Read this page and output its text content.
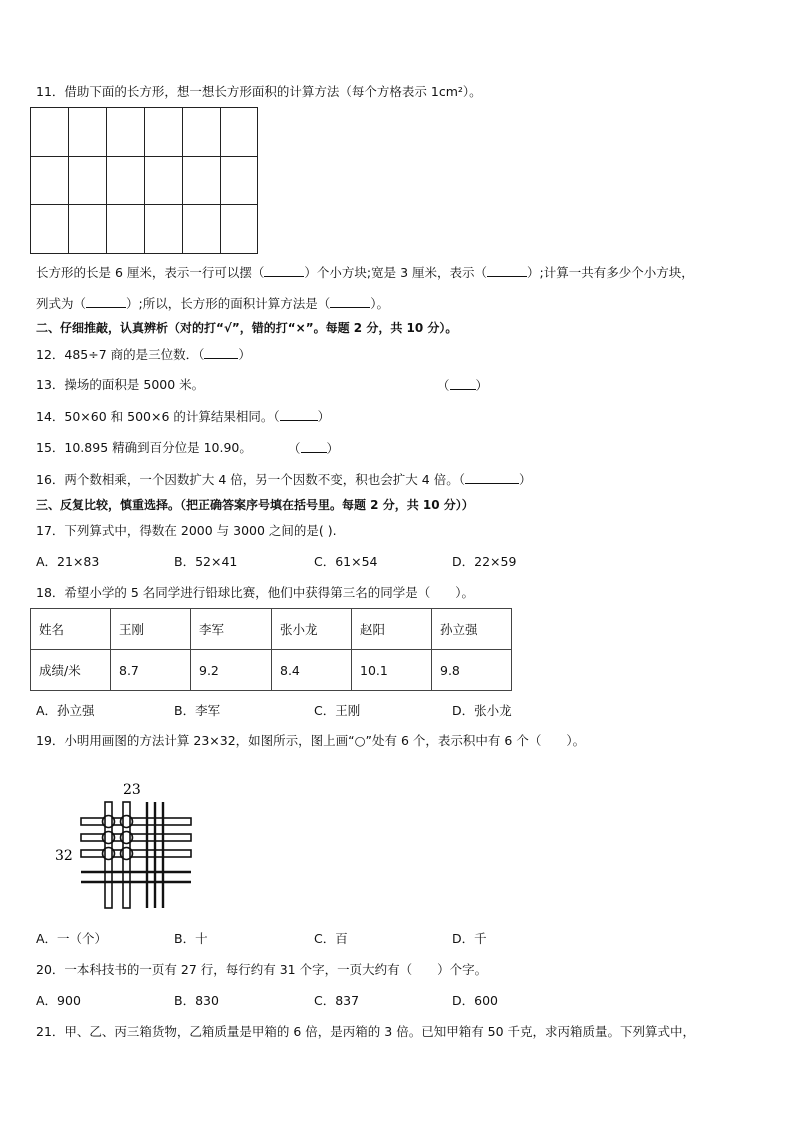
11．借助下面的长方形，想一想长方形面积的计算方法（每个方格表示 1cm²）。
长方形的长是 6 厘米，表示一行可以摆（	）个小方块;宽是 3 厘米，表示（	）;计算一共有多少个小方块，
列式为（	）;所以，长方形的面积计算方法是（	）。
二、仔细推敲，认真辨析（对的打“√”，错的打“×”。每题 2 分，共 10 分）。
12．485÷7 商的是三位数．（	）
13．操场的面积是 5000 米。	（ ）
14．50×60 和 500×6 的计算结果相同。（	）
15．10.895 精确到百分位是 10.90。	（ ）
16．两个数相乘，一个因数扩大 4 倍，另一个因数不变，积也会扩大 4 倍。（	）
三、反复比较，慎重选择。（把正确答案序号填在括号里。每题 2 分，共 10 分））
17．下列算式中，得数在 2000 与 3000 之间的是( ).
A．21×83	B．52×41	C．61×54	D．22×59
18．希望小学的 5 名同学进行铅球比赛，他们中获得第三名的同学是（　　）。
姓名	王刚	李军	张小龙	赵阳	孙立强
成绩/米	8.7	9.2	8.4	10.1	9.8
A．孙立强	B．李军	C．王刚	D．张小龙
19．小明用画图的方法计算 23×32，如图所示，图上画“○”处有 6 个，表示积中有 6 个（　　）。
23
32
A．一（个）	B．十	C．百	D．千
20．一本科技书的一页有 27 行，每行约有 31 个字，一页大约有（　　）个字。
A．900	B．830	C．837	D．600
21．甲、乙、丙三箱货物，乙箱质量是甲箱的 6 倍，是丙箱的 3 倍。已知甲箱有 50 千克，求丙箱质量。下列算式中，
